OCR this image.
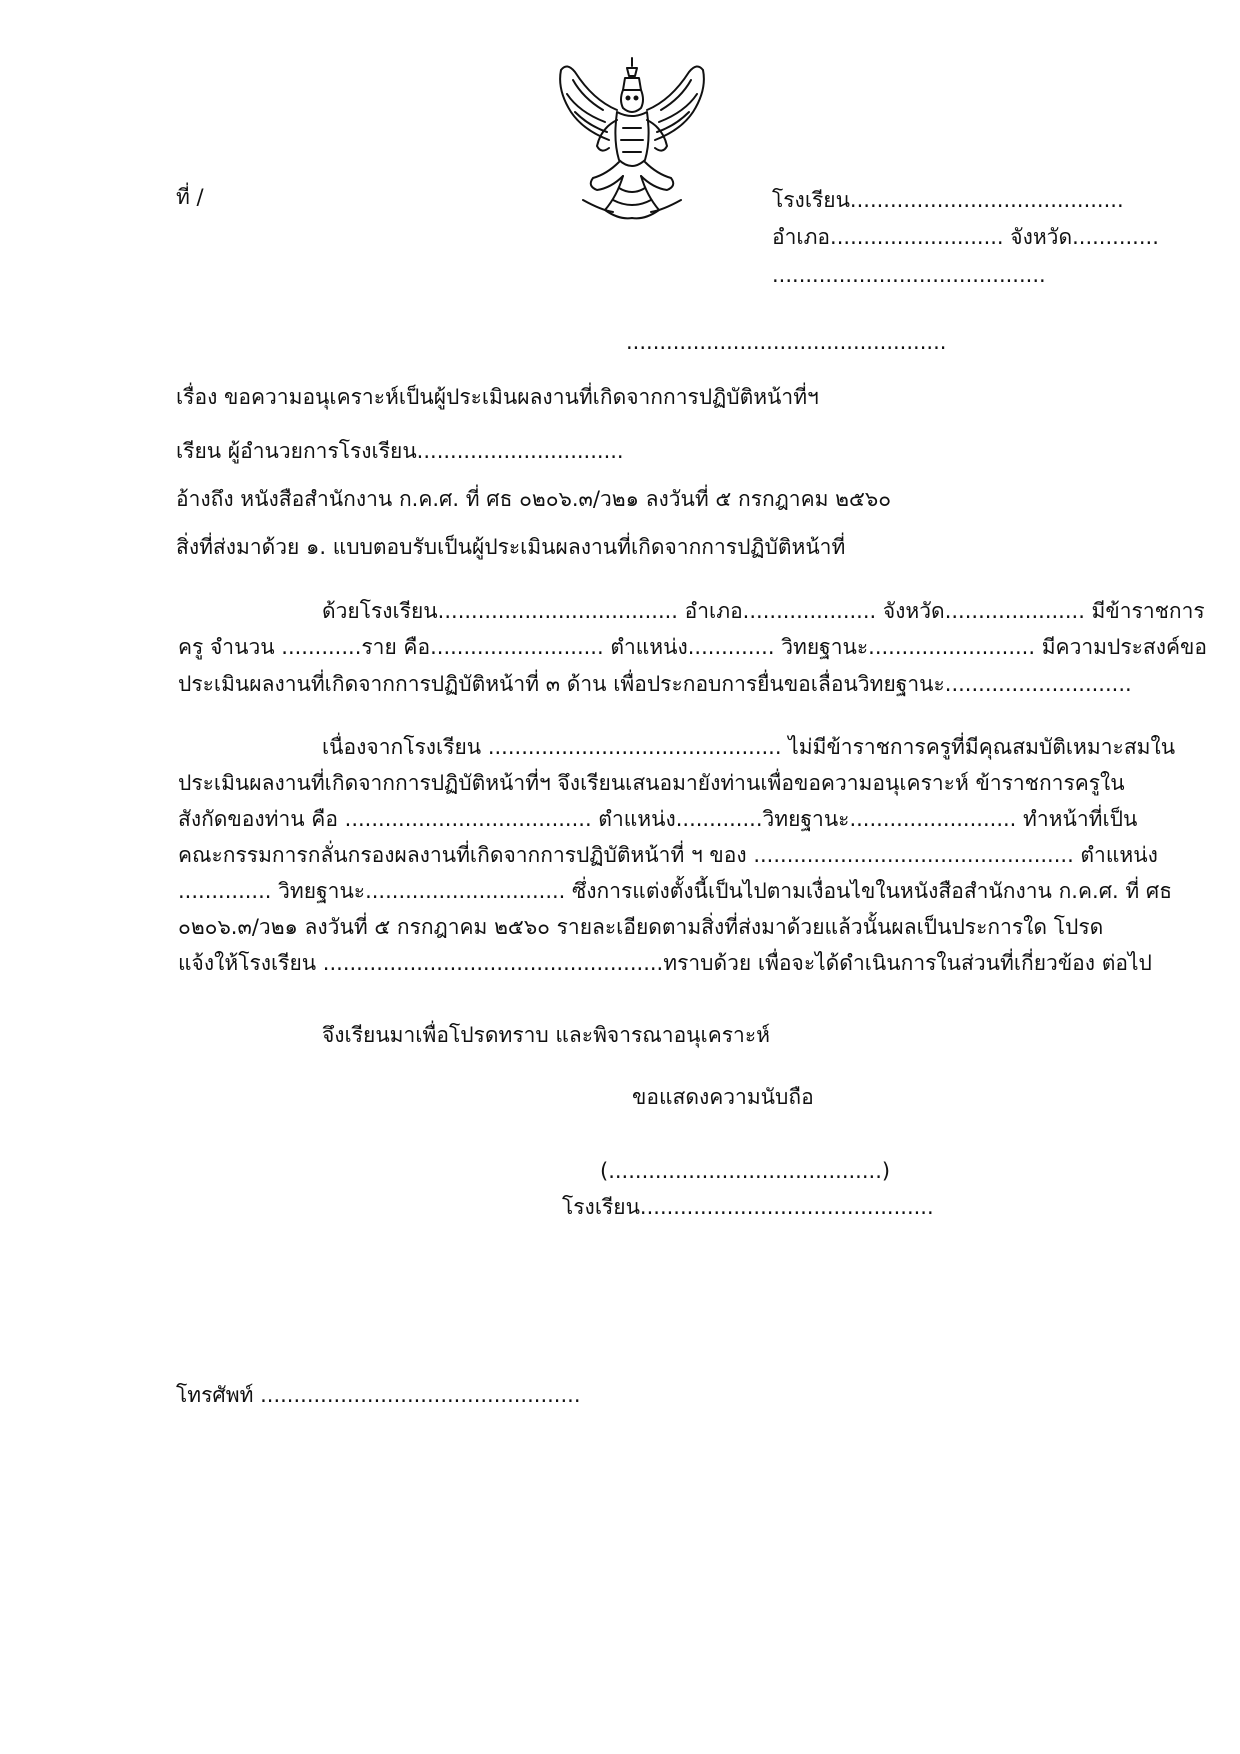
ที่ /	โรงเรียน.........................................
อำเภอ.......................... จังหวัด.............
.........................................
................................................
เรื่อง ขอความอนุเคราะห์เป็นผู้ประเมินผลงานที่เกิดจากการปฏิบัติหน้าที่ฯ
เรียน ผู้อำนวยการโรงเรียน...............................
อ้างถึง หนังสือสำนักงาน ก.ค.ศ. ที่ ศธ ๐๒๐๖.๓/ว๒๑ ลงวันที่ ๕ กรกฎาคม ๒๕๖๐
สิ่งที่ส่งมาด้วย ๑. แบบตอบรับเป็นผู้ประเมินผลงานที่เกิดจากการปฏิบัติหน้าที่
ด้วยโรงเรียน.................................... อำเภอ.................... จังหวัด..................... มีข้าราชการ
ครู จำนวน ............ราย คือ.......................... ตำแหน่ง............. วิทยฐานะ......................... มีความประสงค์ขอ
ประเมินผลงานที่เกิดจากการปฏิบัติหน้าที่ ๓ ด้าน เพื่อประกอบการยื่นขอเลื่อนวิทยฐานะ............................
เนื่องจากโรงเรียน ............................................ ไม่มีข้าราชการครูที่มีคุณสมบัติเหมาะสมใน
ประเมินผลงานที่เกิดจากการปฏิบัติหน้าที่ฯ จึงเรียนเสนอมายังท่านเพื่อขอความอนุเคราะห์ ข้าราชการครูใน
สังกัดของท่าน คือ ..................................... ตำแหน่ง.............วิทยฐานะ......................... ทำหน้าที่เป็น
คณะกรรมการกลั่นกรองผลงานที่เกิดจากการปฏิบัติหน้าที่ ฯ ของ ................................................ ตำแหน่ง
.............. วิทยฐานะ.............................. ซึ่งการแต่งตั้งนี้เป็นไปตามเงื่อนไขในหนังสือสำนักงาน ก.ค.ศ. ที่ ศธ
๐๒๐๖.๓/ว๒๑ ลงวันที่ ๕ กรกฎาคม ๒๕๖๐ รายละเอียดตามสิ่งที่ส่งมาด้วยแล้วนั้นผลเป็นประการใด โปรด
แจ้งให้โรงเรียน ...................................................ทราบด้วย เพื่อจะได้ดำเนินการในส่วนที่เกี่ยวข้อง ต่อไป
จึงเรียนมาเพื่อโปรดทราบ และพิจารณาอนุเคราะห์
ขอแสดงความนับถือ
(.........................................)
โรงเรียน............................................
โทรศัพท์ ................................................
